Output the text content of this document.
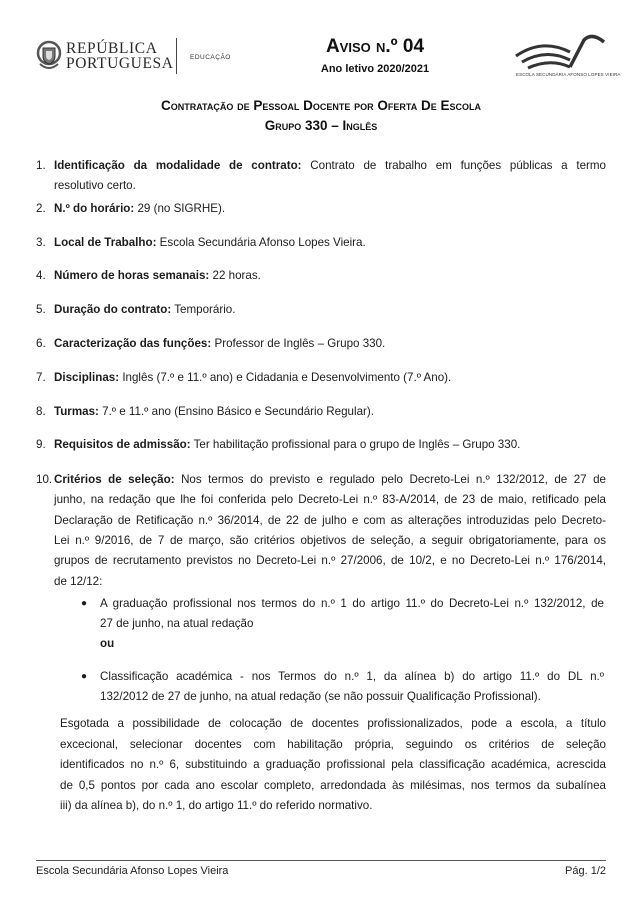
REPÚBLICA
PORTUGUESA	EDUCAÇÃO
Aviso n.º 04
Ano letivo 2020/2021	ESCOLA SECUNDÁRIA AFONSO LOPES VIEIRA
Contratação de Pessoal Docente por Oferta De Escola
Grupo 330 – Inglês
1. Identificação da modalidade de contrato: Contrato de trabalho em funções públicas a termo
resolutivo certo.
2. N.º do horário: 29 (no SIGRHE).
3. Local de Trabalho: Escola Secundária Afonso Lopes Vieira.
4. Número de horas semanais: 22 horas.
5. Duração do contrato: Temporário.
6. Caracterização das funções: Professor de Inglês – Grupo 330.
7. Disciplinas: Inglês (7.º e 11.º ano) e Cidadania e Desenvolvimento (7.º Ano).
8. Turmas: 7.º e 11.º ano (Ensino Básico e Secundário Regular).
9. Requisitos de admissão: Ter habilitação profissional para o grupo de Inglês – Grupo 330.
10. Critérios de seleção: Nos termos do previsto e regulado pelo Decreto-Lei n.º 132/2012, de 27 de
junho, na redação que lhe foi conferida pelo Decreto-Lei n.º 83-A/2014, de 23 de maio, retificado pela
Declaração de Retificação n.º 36/2014, de 22 de julho e com as alterações introduzidas pelo Decreto-
Lei n.º 9/2016, de 7 de março, são critérios objetivos de seleção, a seguir obrigatoriamente, para os
grupos de recrutamento previstos no Decreto-Lei n.º 27/2006, de 10/2, e no Decreto-Lei n.º 176/2014,
de 12/12:
● A graduação profissional nos termos do n.º 1 do artigo 11.º do Decreto-Lei n.º 132/2012, de
27 de junho, na atual redação
ou
● Classificação académica - nos Termos do n.º 1, da alínea b) do artigo 11.º do DL n.º
132/2012 de 27 de junho, na atual redação (se não possuir Qualificação Profissional).
Esgotada a possibilidade de colocação de docentes profissionalizados, pode a escola, a título
excecional, selecionar docentes com habilitação própria, seguindo os critérios de seleção
identificados no n.º 6, substituindo a graduação profissional pela classificação académica, acrescida
de 0,5 pontos por cada ano escolar completo, arredondada às milésimas, nos termos da subalínea
iii) da alínea b), do n.º 1, do artigo 11.º do referido normativo.
Escola Secundária Afonso Lopes Vieira	Pág. 1/2
